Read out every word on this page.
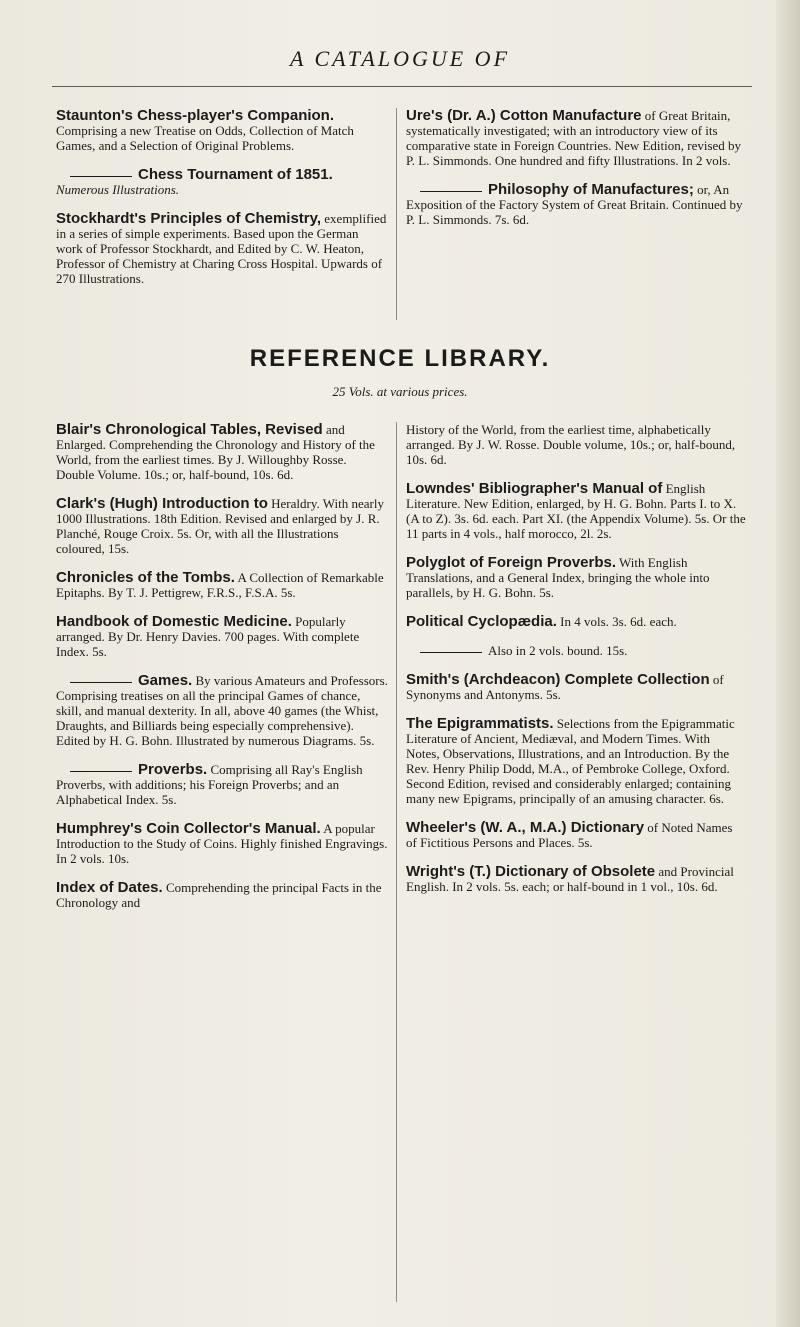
A CATALOGUE OF

Staunton's Chess-player's Companion. Comprising a new Treatise on Odds, Collection of Match Games, and a Selection of Original Problems.

Chess Tournament of 1851. Numerous Illustrations.

Stockhardt's Principles of Chemistry, exemplified in a series of simple experiments. Based upon the German work of Professor Stockhardt, and Edited by C. W. Heaton, Professor of Chemistry at Charing Cross Hospital. Upwards of 270 Illustrations.

Ure's (Dr. A.) Cotton Manufacture of Great Britain, systematically investigated; with an introductory view of its comparative state in Foreign Countries. New Edition, revised by P. L. Simmonds. One hundred and fifty Illustrations. In 2 vols.

Philosophy of Manufactures; or, An Exposition of the Factory System of Great Britain. Continued by P. L. Simmonds. 7s. 6d.

REFERENCE LIBRARY.
25 Vols. at various prices.

Blair's Chronological Tables, Revised and Enlarged. Comprehending the Chronology and History of the World, from the earliest times. By J. Willoughby Rosse. Double Volume. 10s.; or, half-bound, 10s. 6d.

Clark's (Hugh) Introduction to Heraldry. With nearly 1000 Illustrations. 18th Edition. Revised and enlarged by J. R. Planché, Rouge Croix. 5s. Or, with all the Illustrations coloured, 15s.

Chronicles of the Tombs. A Collection of Remarkable Epitaphs. By T. J. Pettigrew, F.R.S., F.S.A. 5s.

Handbook of Domestic Medicine. Popularly arranged. By Dr. Henry Davies. 700 pages. With complete Index. 5s.

Games. By various Amateurs and Professors. Comprising treatises on all the principal Games of chance, skill, and manual dexterity. In all, above 40 games (the Whist, Draughts, and Billiards being especially comprehensive). Edited by H. G. Bohn. Illustrated by numerous Diagrams. 5s.

Proverbs. Comprising all Ray's English Proverbs, with additions; his Foreign Proverbs; and an Alphabetical Index. 5s.

Humphrey's Coin Collector's Manual. A popular Introduction to the Study of Coins. Highly finished Engravings. In 2 vols. 10s.

Index of Dates. Comprehending the principal Facts in the Chronology and

History of the World, from the earliest time, alphabetically arranged. By J. W. Rosse. Double volume, 10s.; or, half-bound, 10s. 6d.

Lowndes' Bibliographer's Manual of English Literature. New Edition, enlarged, by H. G. Bohn. Parts I. to X. (A to Z). 3s. 6d. each. Part XI. (the Appendix Volume). 5s. Or the 11 parts in 4 vols., half morocco, 2l. 2s.

Polyglot of Foreign Proverbs. With English Translations, and a General Index, bringing the whole into parallels, by H. G. Bohn. 5s.

Political Cyclopædia. In 4 vols. 3s. 6d. each.

Also in 2 vols. bound. 15s.

Smith's (Archdeacon) Complete Collection of Synonyms and Antonyms. 5s.

The Epigrammatists. Selections from the Epigrammatic Literature of Ancient, Mediæval, and Modern Times. With Notes, Observations, Illustrations, and an Introduction. By the Rev. Henry Philip Dodd, M.A., of Pembroke College, Oxford. Second Edition, revised and considerably enlarged; containing many new Epigrams, principally of an amusing character. 6s.

Wheeler's (W. A., M.A.) Dictionary of Noted Names of Fictitious Persons and Places. 5s.

Wright's (T.) Dictionary of Obsolete and Provincial English. In 2 vols. 5s. each; or half-bound in 1 vol., 10s. 6d.
